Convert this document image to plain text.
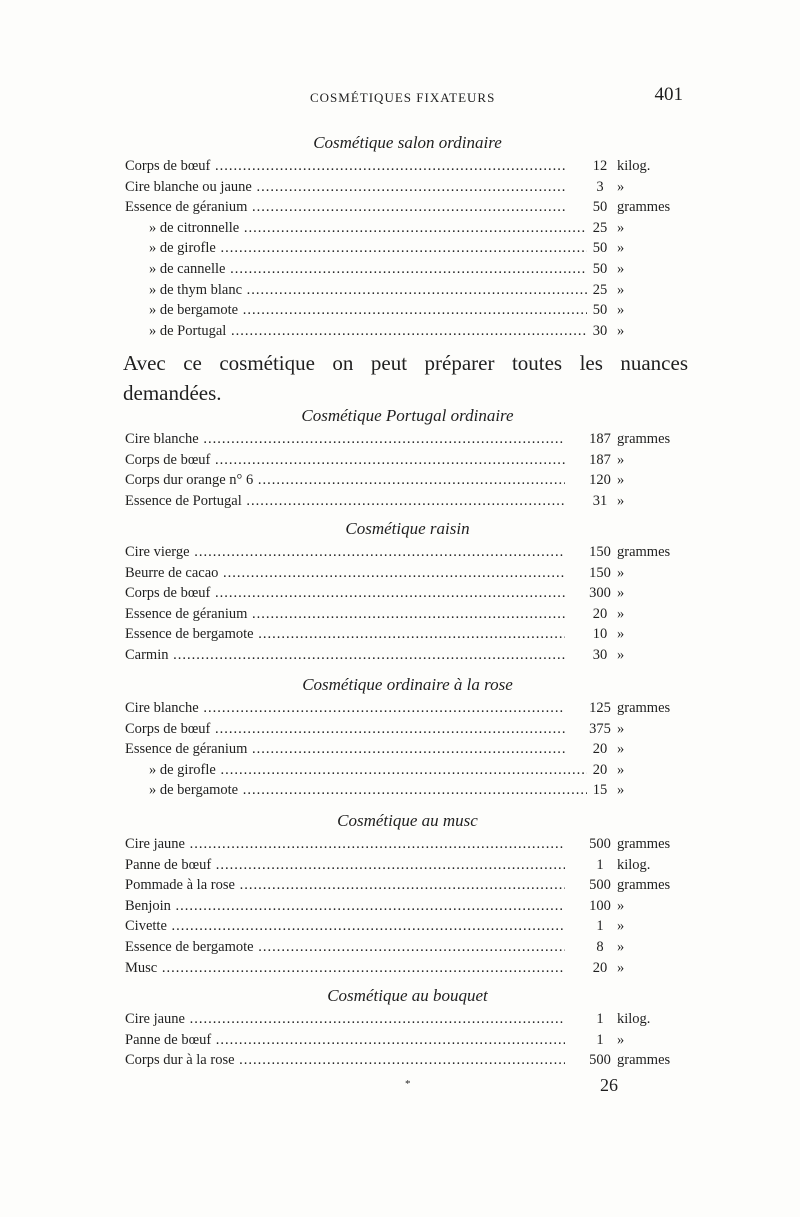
COSMÉTIQUES FIXATEURS	401
Cosmétique salon ordinaire
Corps de bœuf .....	12 kilog.
Cire blanche ou jaune .....	3 »
Essence de géranium .....	50 grammes
» de citronnelle .....	25 »
» de girofle .....	50 »
» de cannelle .....	50 »
» de thym blanc .....	25 »
» de bergamote .....	50 »
» de Portugal .....	30 »
Avec ce cosmétique on peut préparer toutes les nuances demandées.
Cosmétique Portugal ordinaire
Cire blanche .....	187 grammes
Corps de bœuf .....	187 »
Corps dur orange n° 6 .....	120 »
Essence de Portugal .....	31 »
Cosmétique raisin
Cire vierge .....	150 grammes
Beurre de cacao .....	150 »
Corps de bœuf .....	300 »
Essence de géranium .....	20 »
Essence de bergamote .....	10 »
Carmin .....	30 »
Cosmétique ordinaire à la rose
Cire blanche .....	125 grammes
Corps de bœuf .....	375 »
Essence de géranium .....	20 »
» de girofle .....	20 »
» de bergamote .....	15 »
Cosmétique au musc
Cire jaune .....	500 grammes
Panne de bœuf .....	1 kilog.
Pommade à la rose .....	500 grammes
Benjoin .....	100 »
Civette .....	1 »
Essence de bergamote .....	8 »
Musc .....	20 »
Cosmétique au bouquet
Cire jaune .....	1 kilog.
Panne de bœuf .....	1 »
Corps dur à la rose .....	500 grammes
*	26
